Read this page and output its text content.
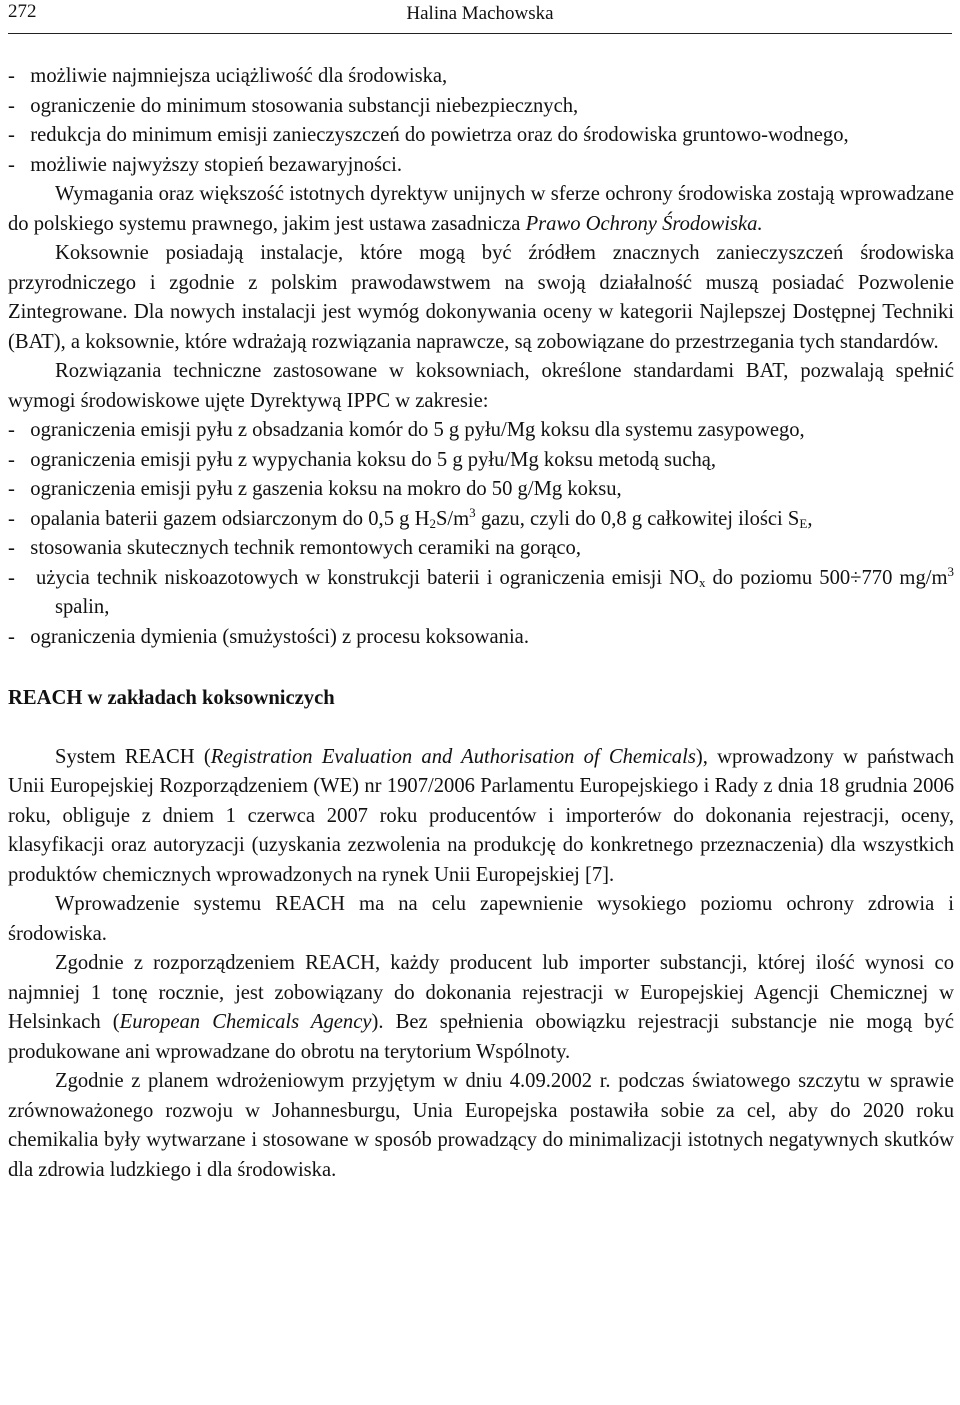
272	Halina Machowska

-   możliwie najmniejsza uciążliwość dla środowiska,

-   ograniczenie do minimum stosowania substancji niebezpiecznych,

-   redukcja do minimum emisji zanieczyszczeń do powietrza oraz do środowiska gruntowo-wodnego,

-   możliwie najwyższy stopień bezawaryjności.

Wymagania oraz większość istotnych dyrektyw unijnych w sferze ochrony środowiska zostają wprowadzane do polskiego systemu prawnego, jakim jest ustawa zasadnicza Prawo Ochrony Środowiska.

Koksownie posiadają instalacje, które mogą być źródłem znacznych zanieczyszczeń środowiska przyrodniczego i zgodnie z polskim prawodawstwem na swoją działalność muszą posiadać Pozwolenie Zintegrowane. Dla nowych instalacji jest wymóg dokonywania oceny w kategorii Najlepszej Dostępnej Techniki (BAT), a koksownie, które wdrażają rozwiązania naprawcze, są zobowiązane do przestrzegania tych standardów.

Rozwiązania techniczne zastosowane w koksowniach, określone standardami BAT, pozwalają spełnić wymogi środowiskowe ujęte Dyrektywą IPPC w zakresie:

-   ograniczenia emisji pyłu z obsadzania komór do 5 g pyłu/Mg koksu dla systemu zasypowego,

-   ograniczenia emisji pyłu z wypychania koksu do 5 g pyłu/Mg koksu metodą suchą,

-   ograniczenia emisji pyłu z gaszenia koksu na mokro do 50 g/Mg koksu,

-   opalania baterii gazem odsiarczonym do 0,5 g $H_2S/m^3$ gazu, czyli do 0,8 g całkowitej ilości $S_E$,

-   stosowania skutecznych technik remontowych ceramiki na gorąco,

-   użycia technik niskoazotowych w konstrukcji baterii i ograniczenia emisji $NO_x$ do poziomu 500÷770 $mg/m^3$ spalin,

-   ograniczenia dymienia (smużystości) z procesu koksowania.

REACH w zakładach koksowniczych

System REACH (Registration Evaluation and Authorisation of Chemicals), wprowadzony w państwach Unii Europejskiej Rozporządzeniem (WE) nr 1907/2006 Parlamentu Europejskiego i Rady z dnia 18 grudnia 2006 roku, obliguje z dniem 1 czerwca 2007 roku producentów i importerów do dokonania rejestracji, oceny, klasyfikacji oraz autoryzacji (uzyskania zezwolenia na produkcję do konkretnego przeznaczenia) dla wszystkich produktów chemicznych wprowadzonych na rynek Unii Europejskiej [7].

Wprowadzenie systemu REACH ma na celu zapewnienie wysokiego poziomu ochrony zdrowia i środowiska.

Zgodnie z rozporządzeniem REACH, każdy producent lub importer substancji, której ilość wynosi co najmniej 1 tonę rocznie, jest zobowiązany do dokonania rejestracji w Europejskiej Agencji Chemicznej w Helsinkach (European Chemicals Agency). Bez spełnienia obowiązku rejestracji substancje nie mogą być produkowane ani wprowadzane do obrotu na terytorium Wspólnoty.

Zgodnie z planem wdrożeniowym przyjętym w dniu 4.09.2002 r. podczas światowego szczytu w sprawie zrównoważonego rozwoju w Johannesburgu, Unia Europejska postawiła sobie za cel, aby do 2020 roku chemikalia były wytwarzane i stosowane w sposób prowadzący do minimalizacji istotnych negatywnych skutków dla zdrowia ludzkiego i dla środowiska.
